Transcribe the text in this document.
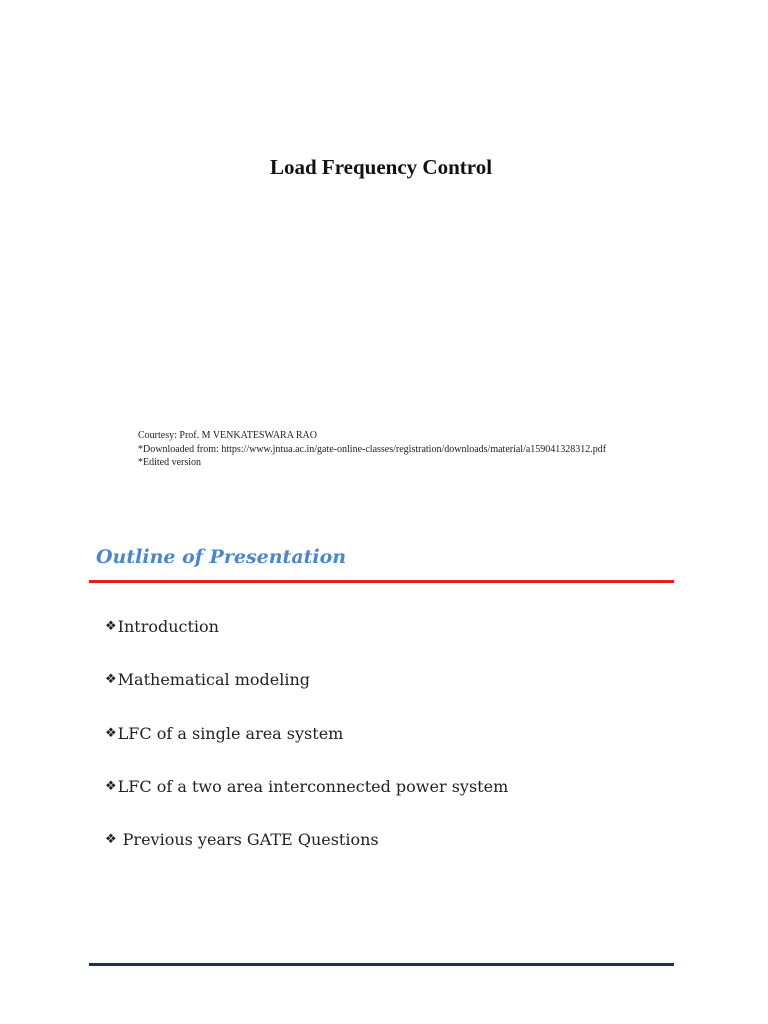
Load Frequency Control
Courtesy: Prof. M VENKATESWARA RAO
*Downloaded from: https://www.jntua.ac.in/gate-online-classes/registration/downloads/material/a159041328312.pdf
*Edited version
Outline of Presentation
❖ Introduction
❖ Mathematical modeling
❖ LFC of a single area system
❖ LFC of a two area interconnected power system
❖ Previous years GATE Questions
